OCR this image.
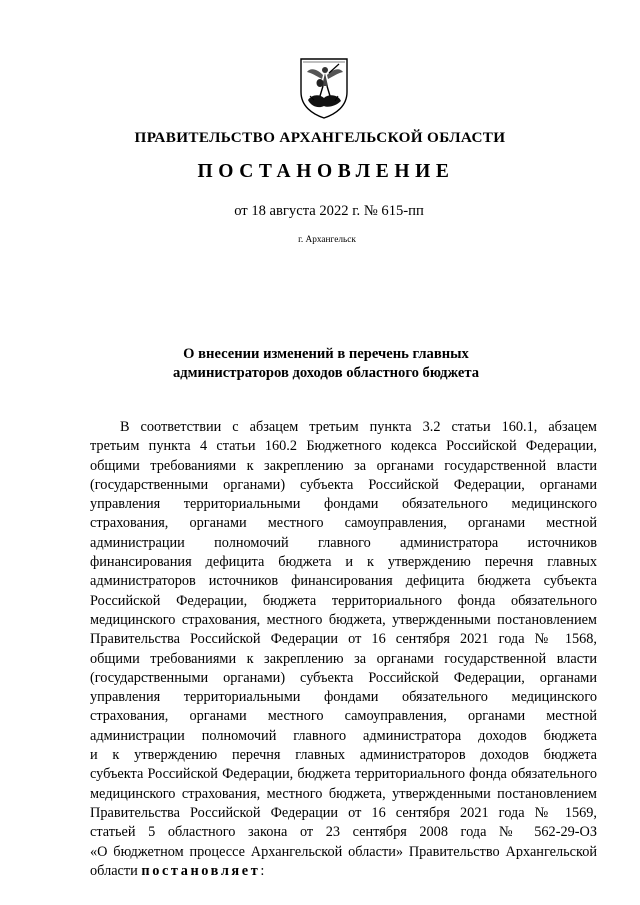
ПРАВИТЕЛЬСТВО АРХАНГЕЛЬСКОЙ ОБЛАСТИ
ПОСТАНОВЛЕНИЕ
от 18 августа 2022 г. № 615-пп
г. Архангельск
О внесении изменений в перечень главных
администраторов доходов областного бюджета
В соответствии с абзацем третьим пункта 3.2 статьи 160.1, абзацем
третьим пункта 4 статьи 160.2 Бюджетного кодекса Российской Федерации,
общими требованиями к закреплению за органами государственной власти
(государственными органами) субъекта Российской Федерации, органами
управления территориальными фондами обязательного медицинского
страхования, органами местного самоуправления, органами местной
администрации полномочий главного администратора источников
финансирования дефицита бюджета и к утверждению перечня главных
администраторов источников финансирования дефицита бюджета субъекта
Российской Федерации, бюджета территориального фонда обязательного
медицинского страхования, местного бюджета, утвержденными постановлением
Правительства Российской Федерации от 16 сентября 2021 года № 1568,
общими требованиями к закреплению за органами государственной власти
(государственными органами) субъекта Российской Федерации, органами
управления территориальными фондами обязательного медицинского
страхования, органами местного самоуправления, органами местной
администрации полномочий главного администратора доходов бюджета
и к утверждению перечня главных администраторов доходов бюджета
субъекта Российской Федерации, бюджета территориального фонда обязательного
медицинского страхования, местного бюджета, утвержденными постановлением
Правительства Российской Федерации от 16 сентября 2021 года № 1569,
статьей 5 областного закона от 23 сентября 2008 года № 562-29-ОЗ
«О бюджетном процессе Архангельской области» Правительство Архангельской
области постановляет:
